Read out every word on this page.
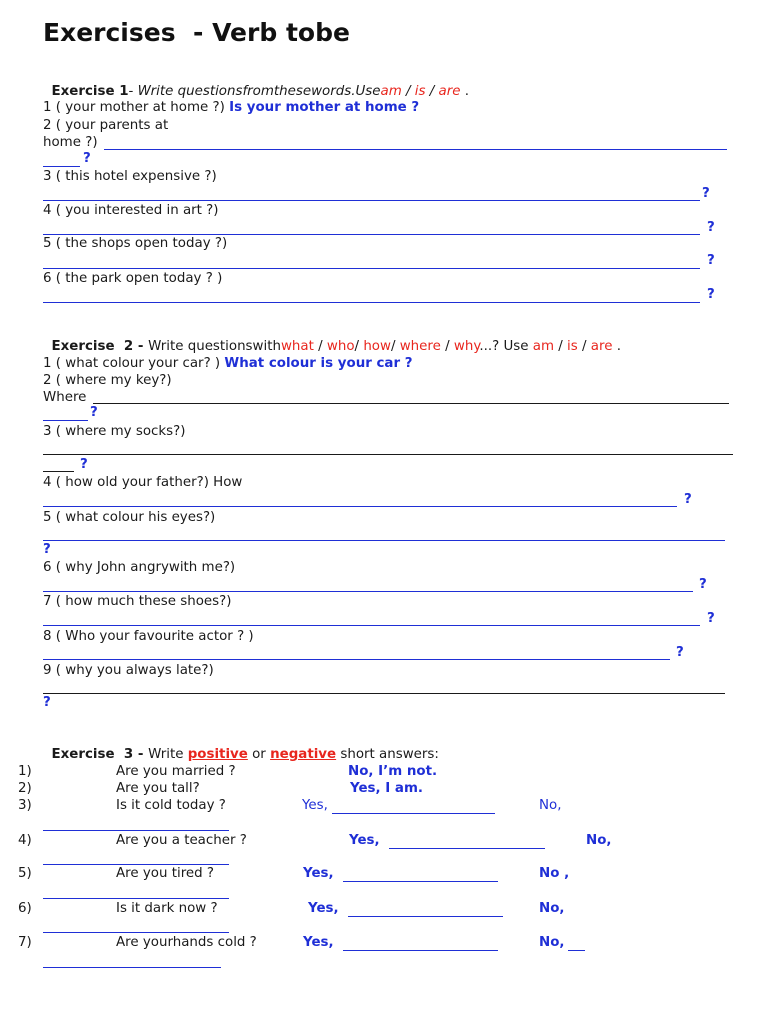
Exercises  - Verb tobe

Exercise 1- Write questionsfromthesewords.Useam / is / are .

1 ( your mother at home ?) Is your mother at home ?
2 ( your parents at
home ?)
?
3 ( this hotel expensive ?)
?
4 ( you interested in art ?)
?
5 ( the shops open today ?)
?
6 ( the park open today ? )
?

Exercise  2 - Write questionswithwhat / who/ how/ where / why...? Use am / is / are .

1 ( what colour your car? ) What colour is your car ?
2 ( where my key?)
Where
?
3 ( where my socks?)
?
4 ( how old your father?) How
?
5 ( what colour his eyes?)
?
6 ( why John angrywith me?)
?
7 ( how much these shoes?)
?
8 ( Who your favourite actor ? )
?
9 ( why you always late?)
?

Exercise  3 - Write positive or negative short answers:

1)	Are you married ?	No, I’m not.
2)	Are you tall?	Yes, I am.
3)	Is it cold today ?	Yes,	No,
4)	Are you a teacher ?	Yes,	No,
5)	Are you tired ?	Yes,	No ,
6)	Is it dark now ?	Yes,	No,
7)	Are yourhands cold ?	Yes,	No,
